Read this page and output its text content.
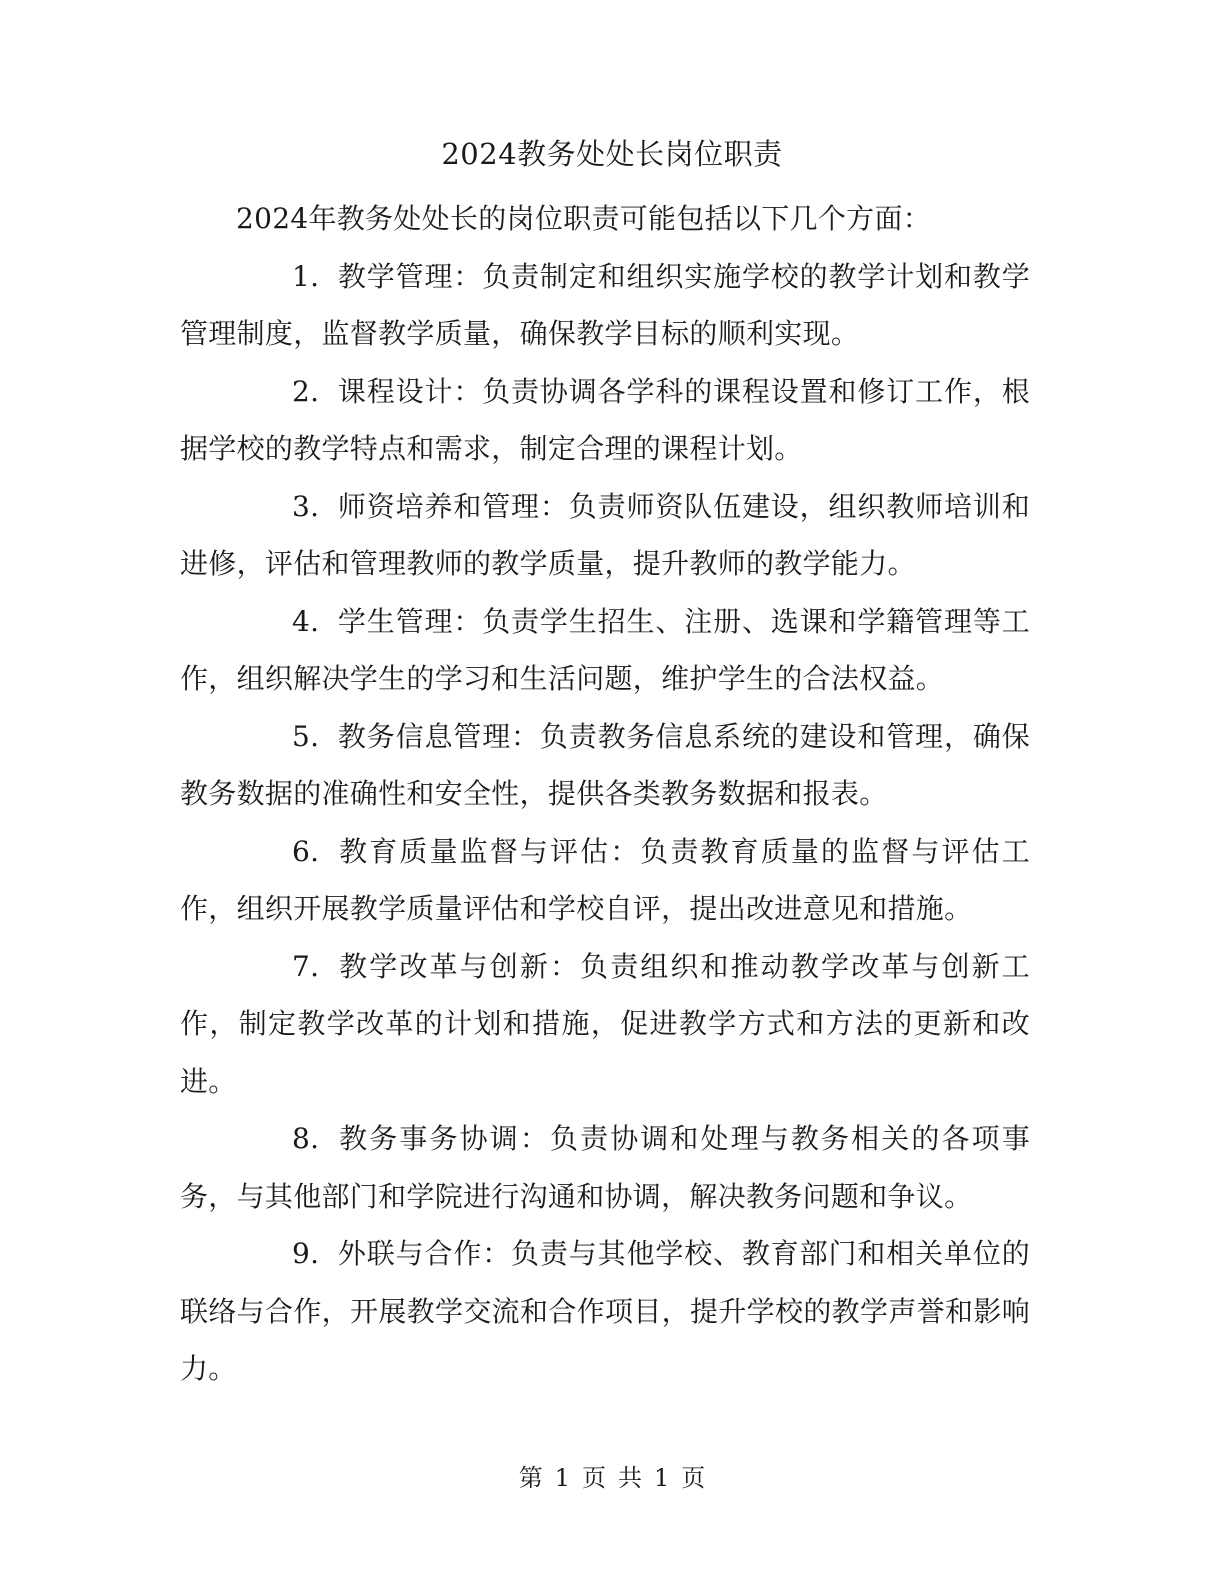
2024教务处处长岗位职责

2024年教务处处长的岗位职责可能包括以下几个方面：

1. 教学管理：负责制定和组织实施学校的教学计划和教学管理制度，监督教学质量，确保教学目标的顺利实现。

2. 课程设计：负责协调各学科的课程设置和修订工作，根据学校的教学特点和需求，制定合理的课程计划。

3. 师资培养和管理：负责师资队伍建设，组织教师培训和进修，评估和管理教师的教学质量，提升教师的教学能力。

4. 学生管理：负责学生招生、注册、选课和学籍管理等工作，组织解决学生的学习和生活问题，维护学生的合法权益。

5. 教务信息管理：负责教务信息系统的建设和管理，确保教务数据的准确性和安全性，提供各类教务数据和报表。

6. 教育质量监督与评估：负责教育质量的监督与评估工作，组织开展教学质量评估和学校自评，提出改进意见和措施。

7. 教学改革与创新：负责组织和推动教学改革与创新工作，制定教学改革的计划和措施，促进教学方式和方法的更新和改进。

8. 教务事务协调：负责协调和处理与教务相关的各项事务，与其他部门和学院进行沟通和协调，解决教务问题和争议。

9. 外联与合作：负责与其他学校、教育部门和相关单位的联络与合作，开展教学交流和合作项目，提升学校的教学声誉和影响力。

第 1 页 共 1 页
